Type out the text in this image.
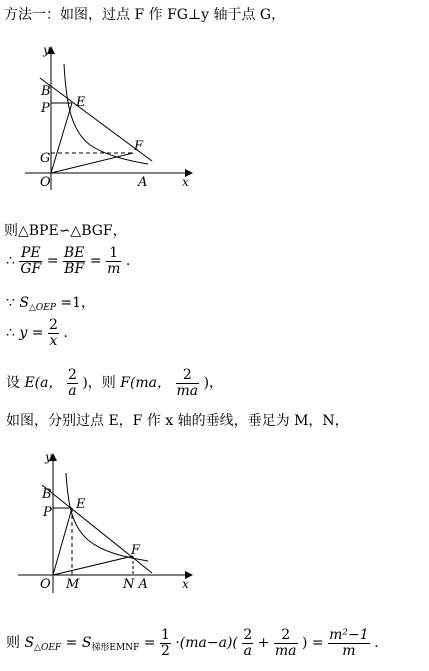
方法一：如图，过点 F 作 FG⊥y 轴于点 G，
y
x
B
E
P
G
F
O	A
则△BPE∽△BGF，
∴ $\frac{PE}{GF} = \frac{BE}{BF} = \frac{1}{m}$ .
∵ $S_{\triangle OEP} =1$，
∴ $y = \frac{2}{x}$ .
设 E(a， $\frac{2}{a}$ )，则 F(ma， $\frac{2}{ma}$ )，
如图，分别过点 E，F 作 x 轴的垂线，垂足为 M，N，
y
x
B
E
P
F
O M	N A
则 $S_{\triangle OEF} = S_{梯形EMNF} = \frac{1}{2} \cdot(ma-a)( \frac{2}{a} + \frac{2}{ma}$ ) = $\frac{\text{m²−1}}{m}$ .
